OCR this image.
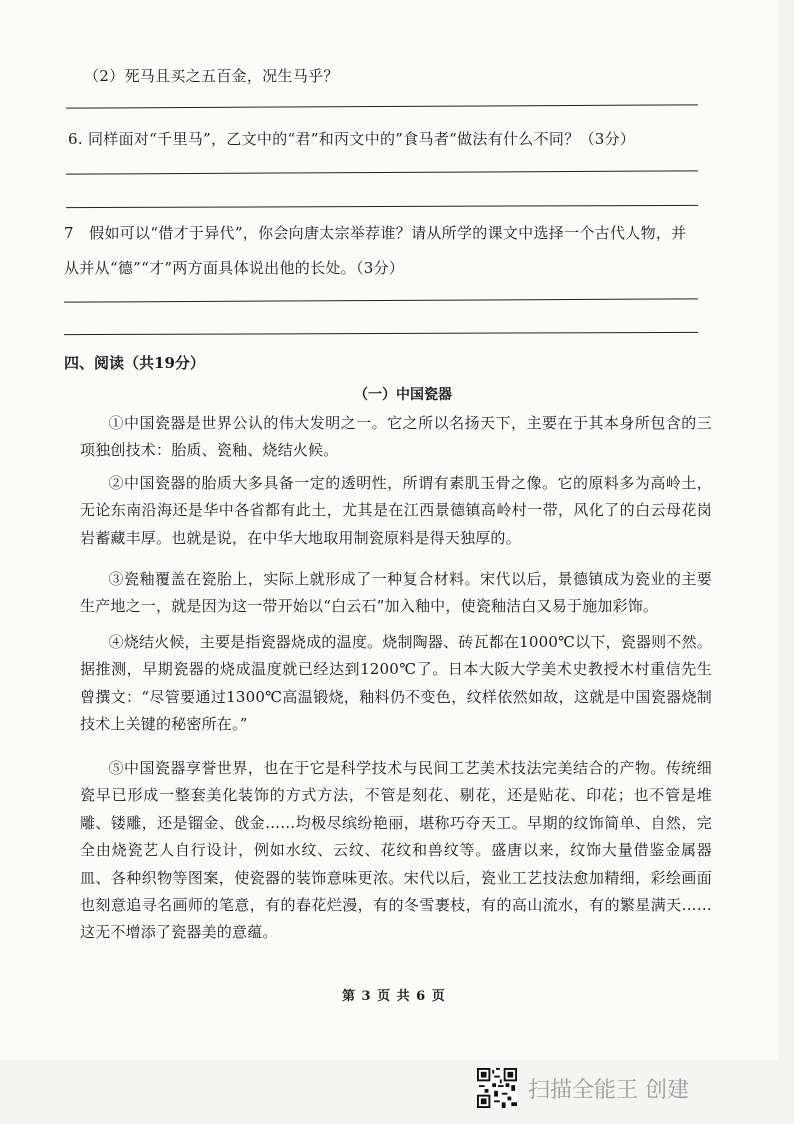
（2）死马且买之五百金，况生马乎？
6. 同样面对“千里马”，乙文中的“君”和丙文中的”食马者“做法有什么不同？（3分）
7　假如可以“借才于异代”，你会向唐太宗举荐谁？请从所学的课文中选择一个古代人物，并
从并从“德”“才”两方面具体说出他的长处。（3分）
四、阅读（共19分）
（一）中国瓷器
①中国瓷器是世界公认的伟大发明之一。它之所以名扬天下，主要在于其本身所包含的三项独创技术：胎质、瓷釉、烧结火候。
②中国瓷器的胎质大多具备一定的透明性，所谓有素肌玉骨之像。它的原料多为高岭土，无论东南沿海还是华中各省都有此土，尤其是在江西景德镇高岭村一带，风化了的白云母花岗岩蓄藏丰厚。也就是说，在中华大地取用制瓷原料是得天独厚的。
③瓷釉覆盖在瓷胎上，实际上就形成了一种复合材料。宋代以后，景德镇成为瓷业的主要生产地之一，就是因为这一带开始以“白云石”加入釉中，使瓷釉洁白又易于施加彩饰。
④烧结火候，主要是指瓷器烧成的温度。烧制陶器、砖瓦都在1000℃以下，瓷器则不然。据推测，早期瓷器的烧成温度就已经达到1200℃了。日本大阪大学美术史教授木村重信先生曾撰文：“尽管要通过1300℃高温锻烧，釉料仍不变色，纹样依然如故，这就是中国瓷器烧制技术上关键的秘密所在。”
⑤中国瓷器享誉世界，也在于它是科学技术与民间工艺美术技法完美结合的产物。传统细瓷早已形成一整套美化装饰的方式方法，不管是刻花、剔花，还是贴花、印花；也不管是堆雕、镂雕，还是镏金、戗金……均极尽缤纷艳丽，堪称巧夺天工。早期的纹饰简单、自然，完全由烧瓷艺人自行设计，例如水纹、云纹、花纹和兽纹等。盛唐以来，纹饰大量借鉴金属器皿、各种织物等图案，使瓷器的装饰意味更浓。宋代以后，瓷业工艺技法愈加精细，彩绘画面也刻意追寻名画师的笔意，有的春花烂漫，有的冬雪裹枝，有的高山流水，有的繁星满天……这无不增添了瓷器美的意蕴。
第 3 页 共 6 页
扫描全能王 创建
